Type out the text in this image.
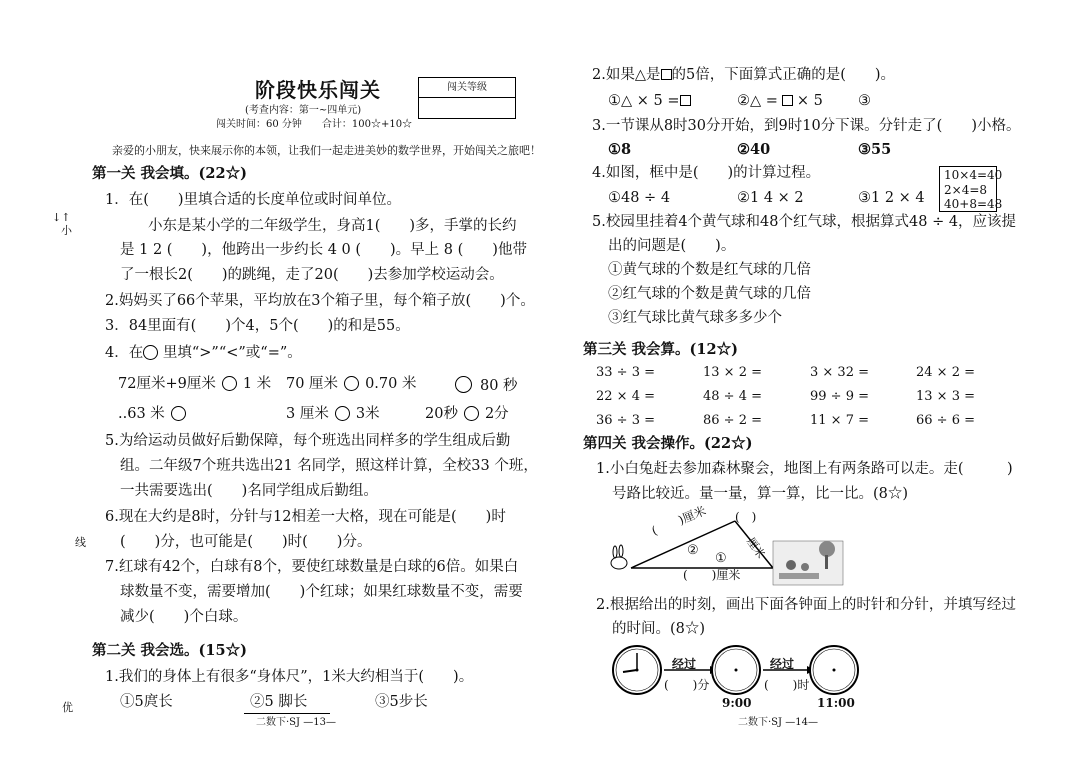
阶段快乐闯关
(考查内容：第一~四单元)
闯关时间：60 分钟　　合计：100☆+10☆
闯关等级
亲爱的小朋友，快来展示你的本领，让我们一起走进美妙的数学世界，开始闯关之旅吧！
第一关 我会填。(22☆)
1．在(　　)里填合适的长度单位或时间单位。
小东是某小学的二年级学生，身高1(　　)多，手掌的长约
是 1 2 (　　)，他跨出一步约长 4 0 (　　)。早上 8 (　　)他带
了一根长2(　　)的跳绳，走了20(　　)去参加学校运动会。
2.妈妈买了66个苹果，平均放在3个箱子里，每个箱子放(　　)个。
3．84里面有(　　)个4，5个(　　)的和是55。
4．在 里填“>”“<”或“=”。
72厘米+9厘米 1 米 70 厘米 0.70 米	80 秒
..63 米	3 厘米 3米	20秒 2分
5.为给运动员做好后勤保障，每个班选出同样多的学生组成后勤
组。二年级7个班共选出21 名同学，照这样计算，全校33 个班，
一共需要选出(　　)名同学组成后勤组。
6.现在大约是8时，分针与12相差一大格，现在可能是(　　)时
(　　)分，也可能是(　　)时(　　)分。
7.红球有42个，白球有8个，要使红球数量是白球的6倍。如果白
球数量不变，需要增加(　　)个红球；如果红球数量不变，需要
减少(　　)个白球。
第二关 我会选。(15☆)
1.我们的身体上有很多“身体尺”，1米大约相当于(　　)。
①5庹长	②5 脚长	③5步长
二数下·SJ —13—
↓↑
小
线
优
2.如果△是 的5倍，下面算式正确的是(　　)。
①△ × 5 =	②△ = × 5 ③
3.一节课从8时30分开始，到9时10分下课。分针走了(　　)小格。
①8	②40	③55
4.如图，框中是(　　)的计算过程。
①48 ÷ 4	②1 4 × 2	③1 2 × 4
10×4=40
2×4=8
40+8=48
5.校园里挂着4个黄气球和48个红气球，根据算式48 ÷ 4，应该提
出的问题是(　　)。
①黄气球的个数是红气球的几倍
②红气球的个数是黄气球的几倍
③红气球比黄气球多多少个
第三关 我会算。(12☆)
33 ÷ 3 =	13 × 2 =	3 × 32 =	24 × 2 =
22 × 4 =	48 ÷ 4 =	99 ÷ 9 =	13 × 3 =
36 ÷ 3 =	86 ÷ 2 =	11 × 7 =	66 ÷ 6 =
第四关 我会操作。(22☆)
1.小白兔赶去参加森林聚会，地图上有两条路可以走。走(　　　)
号路比较近。量一量，算一算，比一比。(8☆)
(　　)厘米
②
①
(　　)厘米
(　)
厘米
2.根据给出的时刻，画出下面各钟面上的时针和分针，并填写经过
的时间。(8☆)
经过	经过
(　　)分	(　　)时
9:00	11:00
二数下·SJ —14—
